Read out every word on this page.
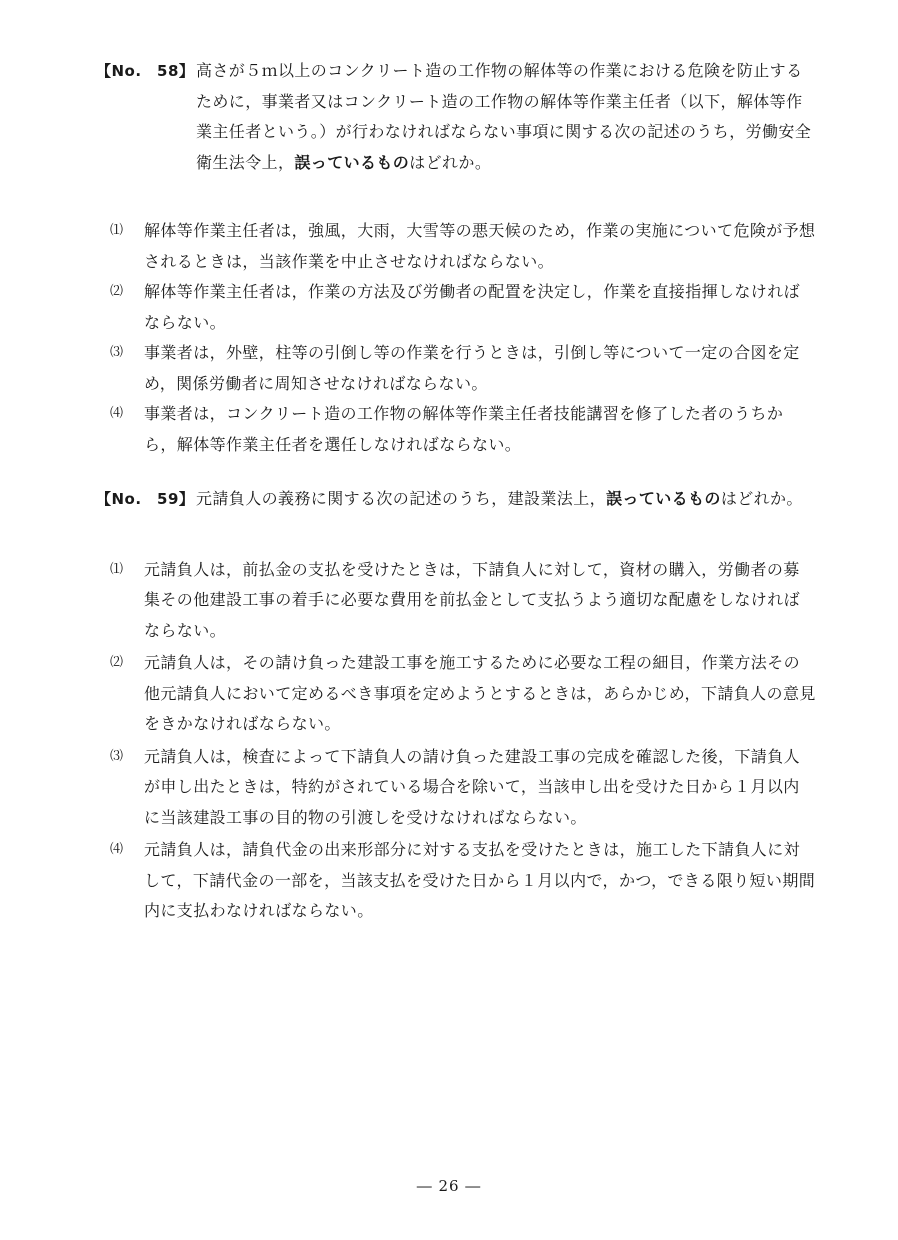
【No.　58】 高さが５ｍ以上のコンクリート造の工作物の解体等の作業における危険を防止するために，事業者又はコンクリート造の工作物の解体等作業主任者（以下，解体等作業主任者という。）が行わなければならない事項に関する次の記述のうち，労働安全衛生法令上，誤っているものはどれか。
⑴	解体等作業主任者は，強風，大雨，大雪等の悪天候のため，作業の実施について危険が予想されるときは，当該作業を中止させなければならない。
⑵	解体等作業主任者は，作業の方法及び労働者の配置を決定し，作業を直接指揮しなければならない。
⑶	事業者は，外壁，柱等の引倒し等の作業を行うときは，引倒し等について一定の合図を定め，関係労働者に周知させなければならない。
⑷	事業者は，コンクリート造の工作物の解体等作業主任者技能講習を修了した者のうちから，解体等作業主任者を選任しなければならない。
【No.　59】 元請負人の義務に関する次の記述のうち，建設業法上，誤っているものはどれか。
⑴	元請負人は，前払金の支払を受けたときは，下請負人に対して，資材の購入，労働者の募集その他建設工事の着手に必要な費用を前払金として支払うよう適切な配慮をしなければならない。
⑵	元請負人は，その請け負った建設工事を施工するために必要な工程の細目，作業方法その他元請負人において定めるべき事項を定めようとするときは，あらかじめ，下請負人の意見をきかなければならない。
⑶	元請負人は，検査によって下請負人の請け負った建設工事の完成を確認した後，下請負人が申し出たときは，特約がされている場合を除いて，当該申し出を受けた日から１月以内に当該建設工事の目的物の引渡しを受けなければならない。
⑷	元請負人は，請負代金の出来形部分に対する支払を受けたときは，施工した下請負人に対して，下請代金の一部を，当該支払を受けた日から１月以内で，かつ，できる限り短い期間内に支払わなければならない。
― 26 ―
